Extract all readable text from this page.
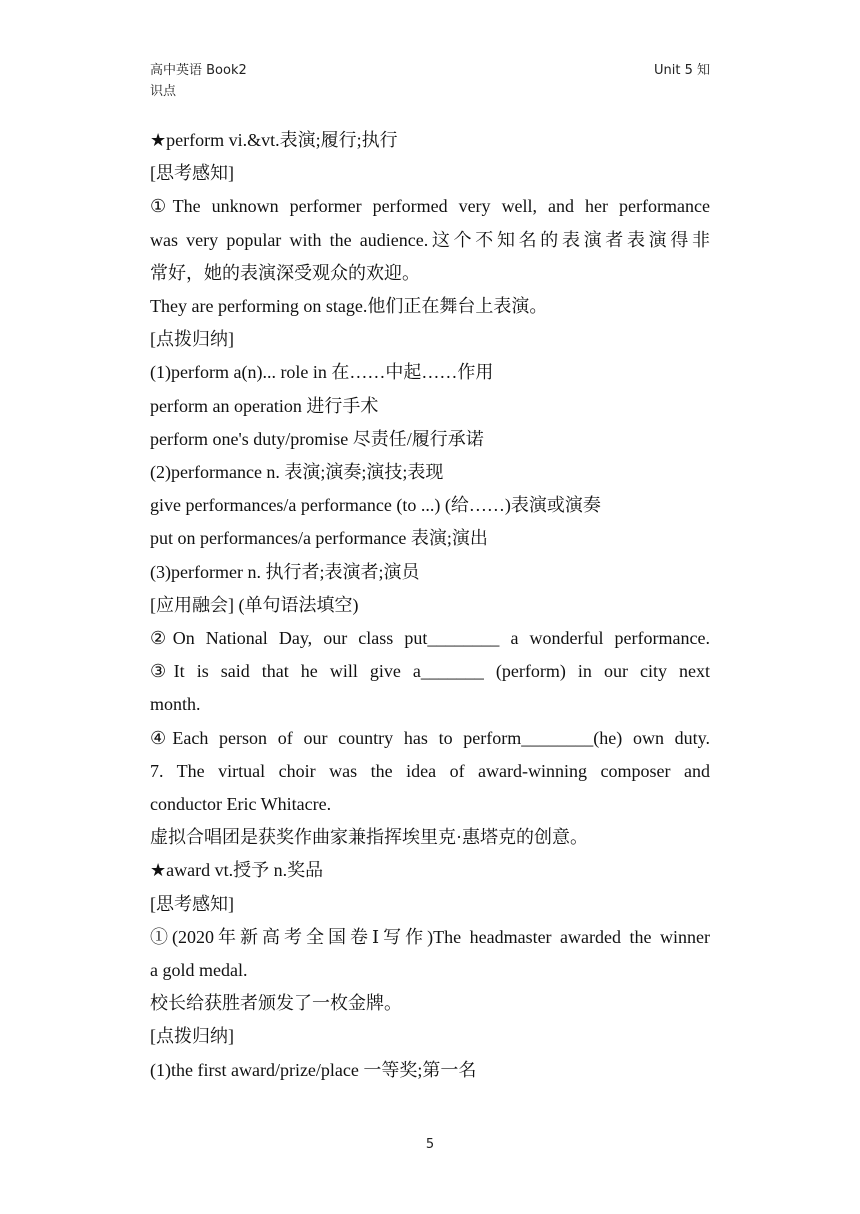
高中英语 Book2
识点
Unit 5 知
★perform vi.&vt.表演;履行;执行
[思考感知]
①The unknown performer performed very well, and her performance
was very popular with the audience.这个不知名的表演者表演得非
常好，她的表演深受观众的欢迎。
They are performing on stage.他们正在舞台上表演。
[点拨归纳]
(1)perform a(n)... role in 在……中起……作用
perform an operation 进行手术
perform one's duty/promise 尽责任/履行承诺
(2)performance n. 表演;演奏;演技;表现
give performances/a performance (to ...) (给……)表演或演奏
put on performances/a performance 表演;演出
(3)performer n. 执行者;表演者;演员
[应用融会] (单句语法填空)
②On National Day, our class put________ a wonderful performance.
③It is said that he will give a_______ (perform) in our city next
month.
④Each person of our country has to perform________(he) own duty.
7. The virtual choir was the idea of award-winning composer and
conductor Eric Whitacre.
虚拟合唱团是获奖作曲家兼指挥埃里克·惠塔克的创意。
★award vt.授予 n.奖品
[思考感知]
①(2020年新高考全国卷Ⅰ写作)The headmaster awarded the winner
a gold medal.
校长给获胜者颁发了一枚金牌。
[点拨归纳]
(1)the first award/prize/place 一等奖;第一名
5
